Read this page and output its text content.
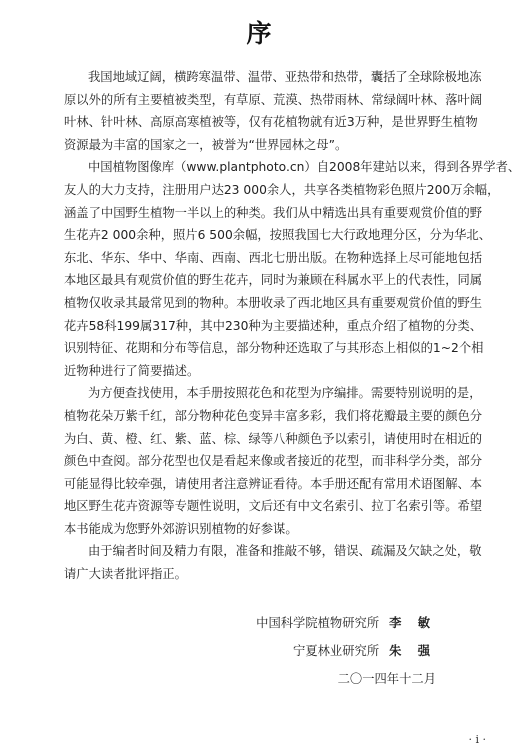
序
我国地域辽阔，横跨寒温带、温带、亚热带和热带，囊括了全球除极地冻
原以外的所有主要植被类型，有草原、荒漠、热带雨林、常绿阔叶林、落叶阔
叶林、针叶林、高原高寒植被等，仅有花植物就有近3万种，是世界野生植物
资源最为丰富的国家之一，被誉为“世界园林之母”。
中国植物图像库（www.plantphoto.cn）自2008年建站以来，得到各界学者、
友人的大力支持，注册用户达23 000余人，共享各类植物彩色照片200万余幅，
涵盖了中国野生植物一半以上的种类。我们从中精选出具有重要观赏价值的野
生花卉2 000余种，照片6 500余幅，按照我国七大行政地理分区，分为华北、
东北、华东、华中、华南、西南、西北七册出版。在物种选择上尽可能地包括
本地区最具有观赏价值的野生花卉，同时为兼顾在科属水平上的代表性，同属
植物仅收录其最常见到的物种。本册收录了西北地区具有重要观赏价值的野生
花卉58科199属317种，其中230种为主要描述种，重点介绍了植物的分类、
识别特征、花期和分布等信息，部分物种还选取了与其形态上相似的1~2个相
近物种进行了简要描述。
为方便查找使用，本手册按照花色和花型为序编排。需要特别说明的是，
植物花朵万紫千红，部分物种花色变异丰富多彩，我们将花瓣最主要的颜色分
为白、黄、橙、红、紫、蓝、棕、绿等八种颜色予以索引，请使用时在相近的
颜色中查阅。部分花型也仅是看起来像或者接近的花型，而非科学分类，部分
可能显得比较牵强，请使用者注意辨证看待。本手册还配有常用术语图解、本
地区野生花卉资源等专题性说明，文后还有中文名索引、拉丁名索引等。希望
本书能成为您野外郊游识别植物的好参谋。
由于编者时间及精力有限，准备和推敲不够，错误、疏漏及欠缺之处，敬
请广大读者批评指正。
中国科学院植物研究所 李 敏
宁夏林业研究所 朱 强
二〇一四年十二月
· i ·
